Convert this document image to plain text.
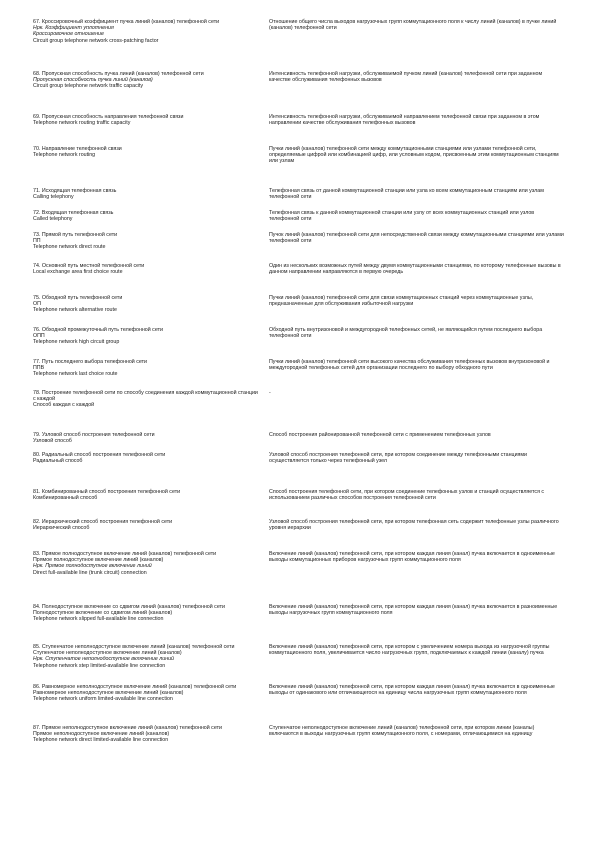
67. Кроссировочный коэффициент пучка линий (каналов) телефонной сети
Нрк. Коэффициент уплотнения
Кроссировочное отношение
Circuit group telephone network cross-patching factor
Отношение общего числа выходов нагрузочных групп коммутационного поля к числу линий (каналов) в пучке линий (каналов) телефонной сети
68. Пропускная способность пучка линий (каналов) телефонной сети
Пропускная способность пучка линий (каналов)
Circuit group telephone network traffic capacity
Интенсивность телефонной нагрузки, обслуживаемой пучком линий (каналов) телефонной сети при заданном качестве обслуживания телефонных вызовов
69. Пропускная способность направления телефонной связи
Telephone network routing traffic capacity
Интенсивность телефонной нагрузки, обслуживаемой направлением телефонной связи при заданном в этом направлении качестве обслуживания телефонных вызовов
70. Направление телефонной связи
Telephone network routing
Пучки линий (каналов) телефонной сети между коммутационными станциями или узлами телефонной сети, определяемые цифрой или комбинацией цифр, или условным кодом, присвоенным этим коммутационным станциям или узлам
71. Исходящая телефонная связь
Calling telephony
Телефонная связь от данной коммутационной станции или узла ко всем коммутационным станциям или узлам телефонной сети
72. Входящая телефонная связь
Called telephony
Телефонная связь к данной коммутационной станции или узлу от всех коммутационных станций или узлов телефонной сети
73. Прямой путь телефонной сети
ПП
Telephone network direct route
Пучок линий (каналов) телефонной сети для непосредственной связи между коммутационными станциями или узлами телефонной сети
74. Основной путь местной телефонной сети
Local exchange area first choice route
Один из нескольких возможных путей между двумя коммутационными станциями, по которому телефонные вызовы в данном направлении направляются в первую очередь
75. Обходной путь телефонной сети
ОП
Telephone network alternative route
Пучки линий (каналов) телефонной сети для связи коммутационных станций через коммутационные узлы, предназначенные для обслуживания избыточной нагрузки
76. Обходной промежуточный путь телефонной сети
ОПП
Telephone network high circuit group
Обходной путь внутризоновой и междугородной телефонных сетей, не являющийся путем последнего выбора телефонной сети
77. Путь последнего выбора телефонной сети
ППВ
Telephone network last choice route
Пучки линий (каналов) телефонной сети высокого качества обслуживания телефонных вызовов внутризоновой и междугородной телефонных сетей для организации последнего по выбору обходного пути
78. Построение телефонной сети по способу соединения каждой коммутационной станции с каждой
Способ каждая с каждой
-
79. Узловой способ построения телефонной сети
Узловой способ
Способ построения районированной телефонной сети с применением телефонных узлов
80. Радиальный способ построения телефонной сети
Радиальный способ
Узловой способ построения телефонной сети, при котором соединение между телефонными станциями осуществляется только через телефонный узел
81. Комбинированный способ построения телефонной сети
Комбинированный способ
Способ построения телефонной сети, при котором соединение телефонных узлов и станций осуществляется с использованием различных способов построения телефонной сети
82. Иерархический способ построения телефонной сети
Иерархический способ
Узловой способ построения телефонной сети, при котором телефонная сеть содержит телефонные узлы различного уровня иерархии
83. Прямое полнодоступное включение линий (каналов) телефонной сети
Прямое полнодоступное включение линий (каналов)
Нрк. Прямое полнодоступное включение линий
Direct full-available line (trunk circuit) connection
Включение линий (каналов) телефонной сети, при котором каждая линия (канал) пучка включается в одноименные выходы коммутационных приборов нагрузочных групп коммутационного поля
84. Полнодоступное включение со сдвигом линий (каналов) телефонной сети
Полнодоступное включение со сдвигом линий (каналов)
Telephone network slipped full-available line connection
Включение линий (каналов) телефонной сети, при котором каждая линия (канал) пучка включается в разноименные выходы нагрузочных групп коммутационного поля
85. Ступенчатое неполнодоступное включение линий (каналов) телефонной сети
Ступенчатое неполнодоступное включение линий (каналов)
Нрк. Ступенчатое неполнодоступное включение линий
Telephone network step limited-available line connection
Включение линий (каналов) телефонной сети, при котором с увеличением номера выхода из нагрузочной группы коммутационного поля, увеличивается число нагрузочных групп, подключаемых к каждой линии (каналу) пучка
86. Равномерное неполнодоступное включение линий (каналов) телефонной сети
Равномерное неполнодоступное включение линий (каналов)
Telephone network uniform limited-available line connection
Включение линий (каналов) телефонной сети, при котором каждая линия (канал) пучка включается в одноименные выходы от одинакового или отличающегося на единицу числа нагрузочных групп коммутационного поля
87. Прямое неполнодоступное включение линий (каналов) телефонной сети
Прямое неполнодоступное включение линий (каналов)
Telephone network direct limited-available line connection
Ступенчатое неполнодоступное включение линий (каналов) телефонной сети, при котором линии (каналы) включаются в выходы нагрузочных групп коммутационного поля, с номерами, отличающимися на единицу
